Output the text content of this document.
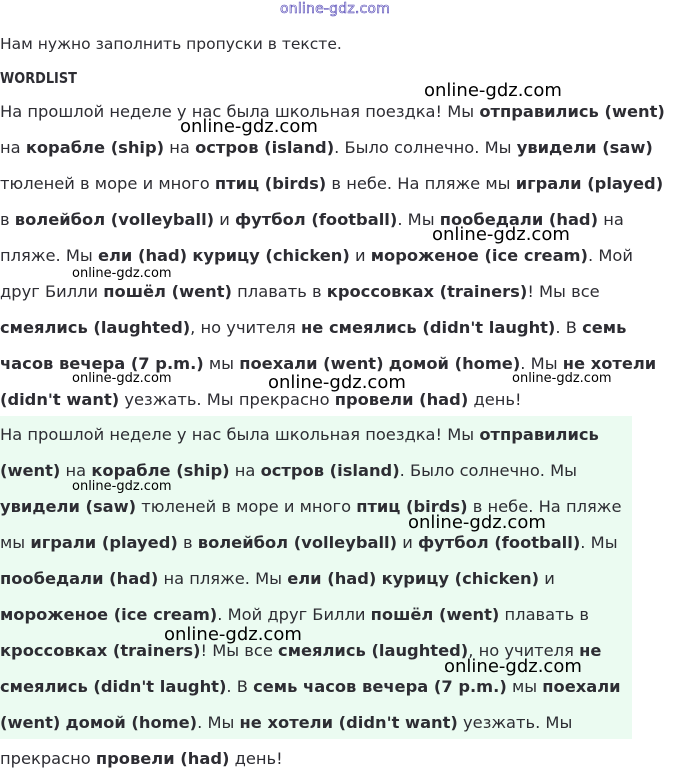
online-gdz.com
Нам нужно заполнить пропуски в тексте.
WORDLIST

На прошлой неделе у нас была школьная поездка! Мы отправились (went) на корабле (ship) на остров (island). Было солнечно. Мы увидели (saw) тюленей в море и много птиц (birds) в небе. На пляже мы играли (played) в волейбол (volleyball) и футбол (football). Мы пообедали (had) на пляже. Мы ели (had) курицу (chicken) и мороженое (ice cream). Мой друг Билли пошёл (went) плавать в кроссовках (trainers)! Мы все смеялись (laughted), но учителя не смеялись (didn't laught). В семь часов вечера (7 p.m.) мы поехали (went) домой (home). Мы не хотели (didn't want) уезжать. Мы прекрасно провели (had) день!

На прошлой неделе у нас была школьная поездка! Мы отправились (went) на корабле (ship) на остров (island). Было солнечно. Мы увидели (saw) тюленей в море и много птиц (birds) в небе. На пляже мы играли (played) в волейбол (volleyball) и футбол (football). Мы пообедали (had) на пляже. Мы ели (had) курицу (chicken) и мороженое (ice cream). Мой друг Билли пошёл (went) плавать в кроссовках (trainers)! Мы все смеялись (laughted), но учителя не смеялись (didn't laught). В семь часов вечера (7 p.m.) мы поехали (went) домой (home). Мы не хотели (didn't want) уезжать. Мы прекрасно провели (had) день!

online-gdz.com
online-gdz.com
online-gdz.com
online-gdz.com
online-gdz.com	online-gdz.com	online-gdz.com
online-gdz.com
online-gdz.com
online-gdz.com
online-gdz.com
